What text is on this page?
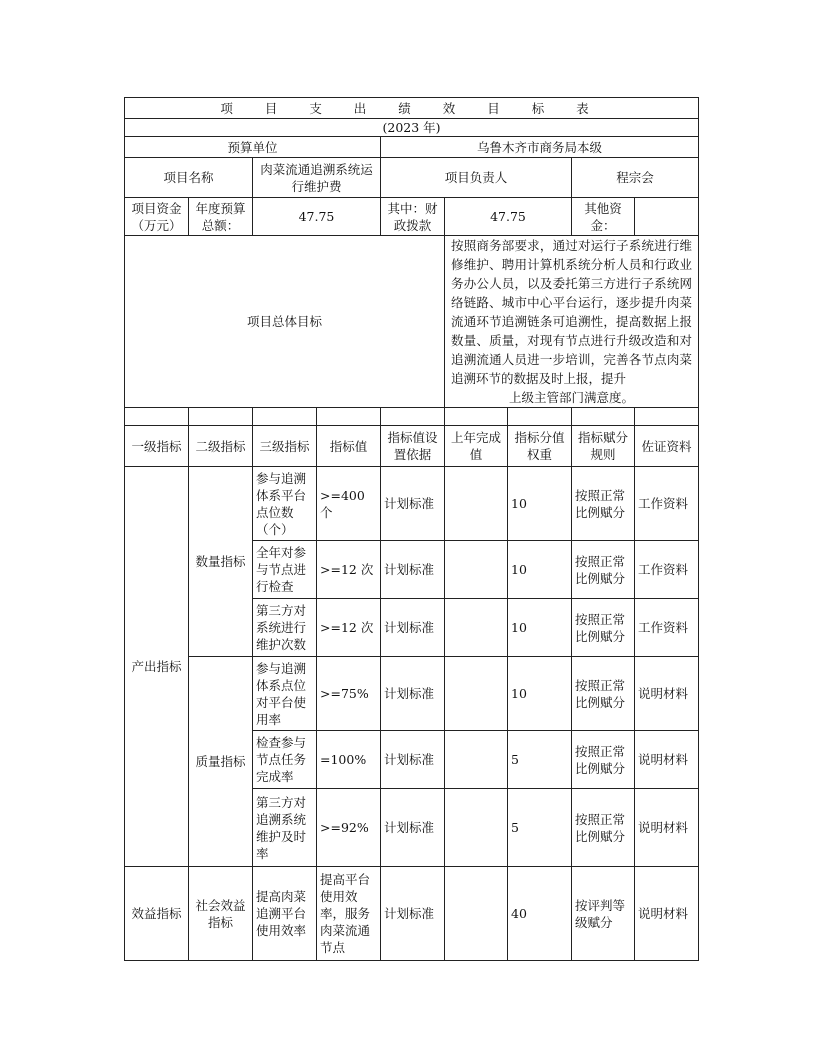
项 目 支 出 绩 效 目 标 表								
(2023 年)								
预算单位				乌鲁木齐市商务局本级				
项目名称		肉菜流通追溯系统运行维护费		项目负责人			程宗会	
项目资金（万元）	年度预算总额：	47.75		其中：财政拨款	47.75		其他资金：	
项目总体目标					按照商务部要求，通过对运行子系统进行维修维护、聘用计算机系统分析人员和行政业务办公人员，以及委托第三方进行子系统网络链路、城市中心平台运行，逐步提升肉菜流通环节追溯链条可追溯性，提高数据上报数量、质量，对现有节点进行升级改造和对追溯流通人员进一步培训，完善各节点肉菜追溯环节的数据及时上报，提升
上级主管部门满意度。			

一级指标	二级指标	三级指标	指标值	指标值设置依据	上年完成值	指标分值权重	指标赋分规则	佐证资料
产出指标	数量指标	参与追溯体系平台点位数（个）	>=400 个	计划标准		10	按照正常比例赋分	工作资料
		全年对参与节点进行检查	>=12 次	计划标准		10	按照正常比例赋分	工作资料
		第三方对系统进行维护次数	>=12 次	计划标准		10	按照正常比例赋分	工作资料
	质量指标	参与追溯体系点位对平台使用率	>=75%	计划标准		10	按照正常比例赋分	说明材料
		检查参与节点任务完成率	=100%	计划标准		5	按照正常比例赋分	说明材料
		第三方对追溯系统维护及时率	>=92%	计划标准		5	按照正常比例赋分	说明材料
效益指标	社会效益指标	提高肉菜追溯平台使用效率	提高平台使用效率，服务肉菜流通节点	计划标准		40	按评判等级赋分	说明材料
